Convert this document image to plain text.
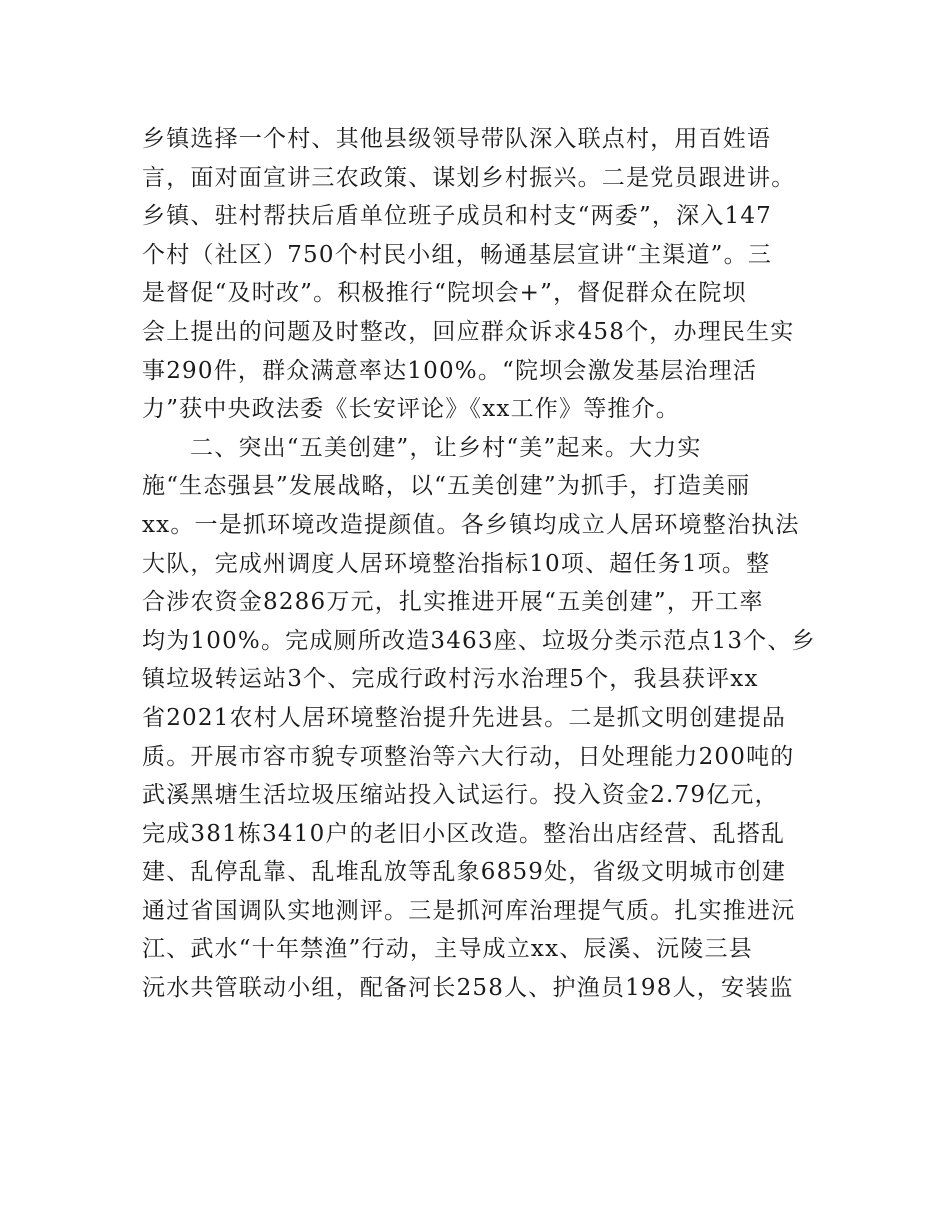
乡镇选择一个村、其他县级领导带队深入联点村，用百姓语
言，面对面宣讲三农政策、谋划乡村振兴。二是党员跟进讲。
乡镇、驻村帮扶后盾单位班子成员和村支“两委”，深入147
个村（社区）750个村民小组，畅通基层宣讲“主渠道”。三
是督促“及时改”。积极推行“院坝会+”，督促群众在院坝
会上提出的问题及时整改，回应群众诉求458个，办理民生实
事290件，群众满意率达100%。“院坝会激发基层治理活
力”获中央政法委《长安评论》《xx工作》等推介。
二、突出“五美创建”，让乡村“美”起来。大力实
施“生态强县”发展战略，以“五美创建”为抓手，打造美丽
xx。一是抓环境改造提颜值。各乡镇均成立人居环境整治执法
大队，完成州调度人居环境整治指标10项、超任务1项。整
合涉农资金8286万元，扎实推进开展“五美创建”，开工率
均为100%。完成厕所改造3463座、垃圾分类示范点13个、乡
镇垃圾转运站3个、完成行政村污水治理5个，我县获评xx
省2021农村人居环境整治提升先进县。二是抓文明创建提品
质。开展市容市貌专项整治等六大行动，日处理能力200吨的
武溪黑塘生活垃圾压缩站投入试运行。投入资金2.79亿元，
完成381栋3410户的老旧小区改造。整治出店经营、乱搭乱
建、乱停乱靠、乱堆乱放等乱象6859处，省级文明城市创建
通过省国调队实地测评。三是抓河库治理提气质。扎实推进沅
江、武水“十年禁渔”行动，主导成立xx、辰溪、沅陵三县
沅水共管联动小组，配备河长258人、护渔员198人，安装监
